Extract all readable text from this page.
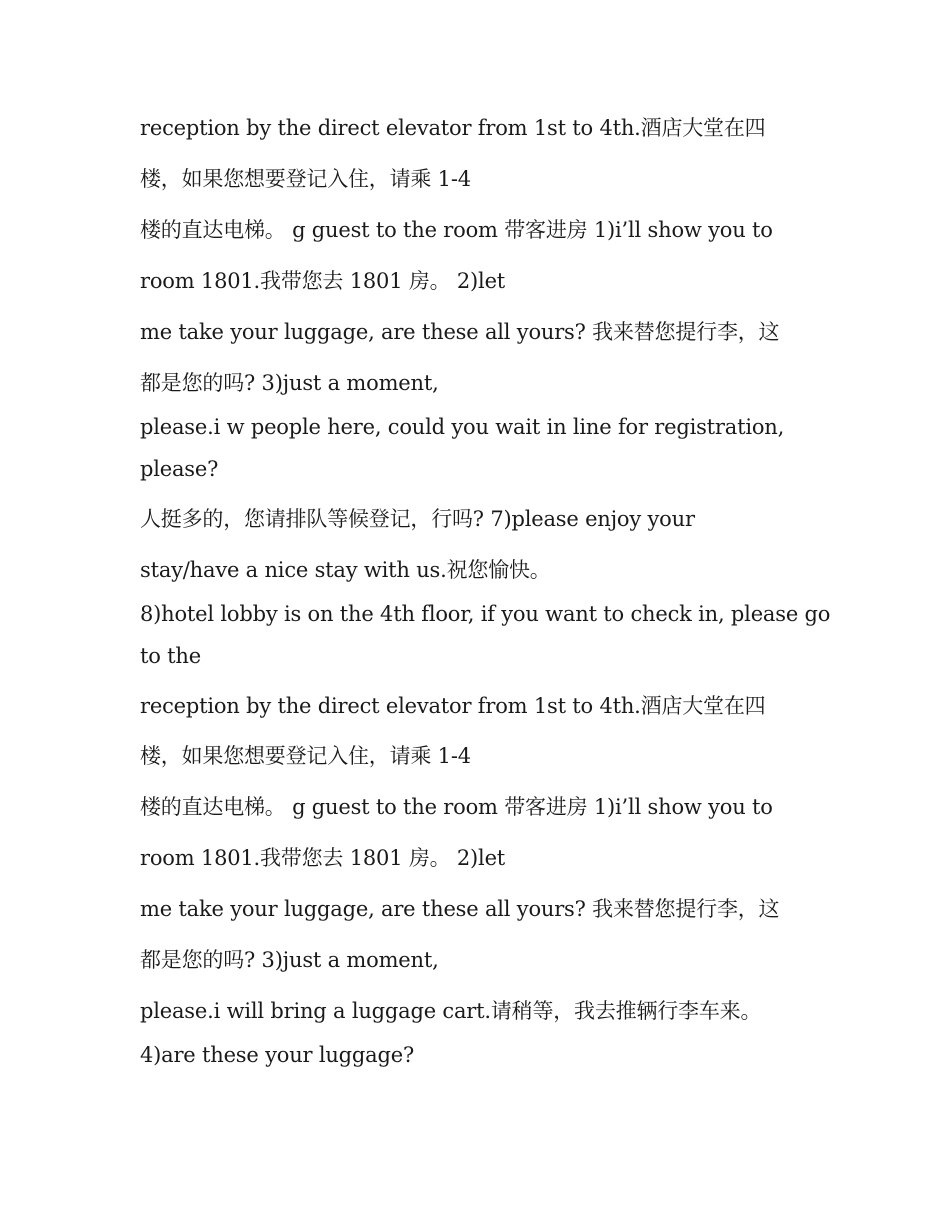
reception by the direct elevator from 1st to 4th.酒店大堂在四
楼，如果您想要登记入住，请乘 1-4
楼的直达电梯。 g guest to the room 带客进房 1)i’ll show you to
room 1801.我带您去 1801 房。 2)let
me take your luggage, are these all yours? 我来替您提行李，这
都是您的吗? 3)just a moment,
please.i w people here, could you wait in line for registration,
please?
人挺多的，您请排队等候登记，行吗? 7)please enjoy your
stay/have a nice stay with us.祝您愉快。
8)hotel lobby is on the 4th floor, if you want to check in, please go
to the
reception by the direct elevator from 1st to 4th.酒店大堂在四
楼，如果您想要登记入住，请乘 1-4
楼的直达电梯。 g guest to the room 带客进房 1)i’ll show you to
room 1801.我带您去 1801 房。 2)let
me take your luggage, are these all yours? 我来替您提行李，这
都是您的吗? 3)just a moment,
please.i will bring a luggage cart.请稍等，我去推辆行李车来。
4)are these your luggage?
